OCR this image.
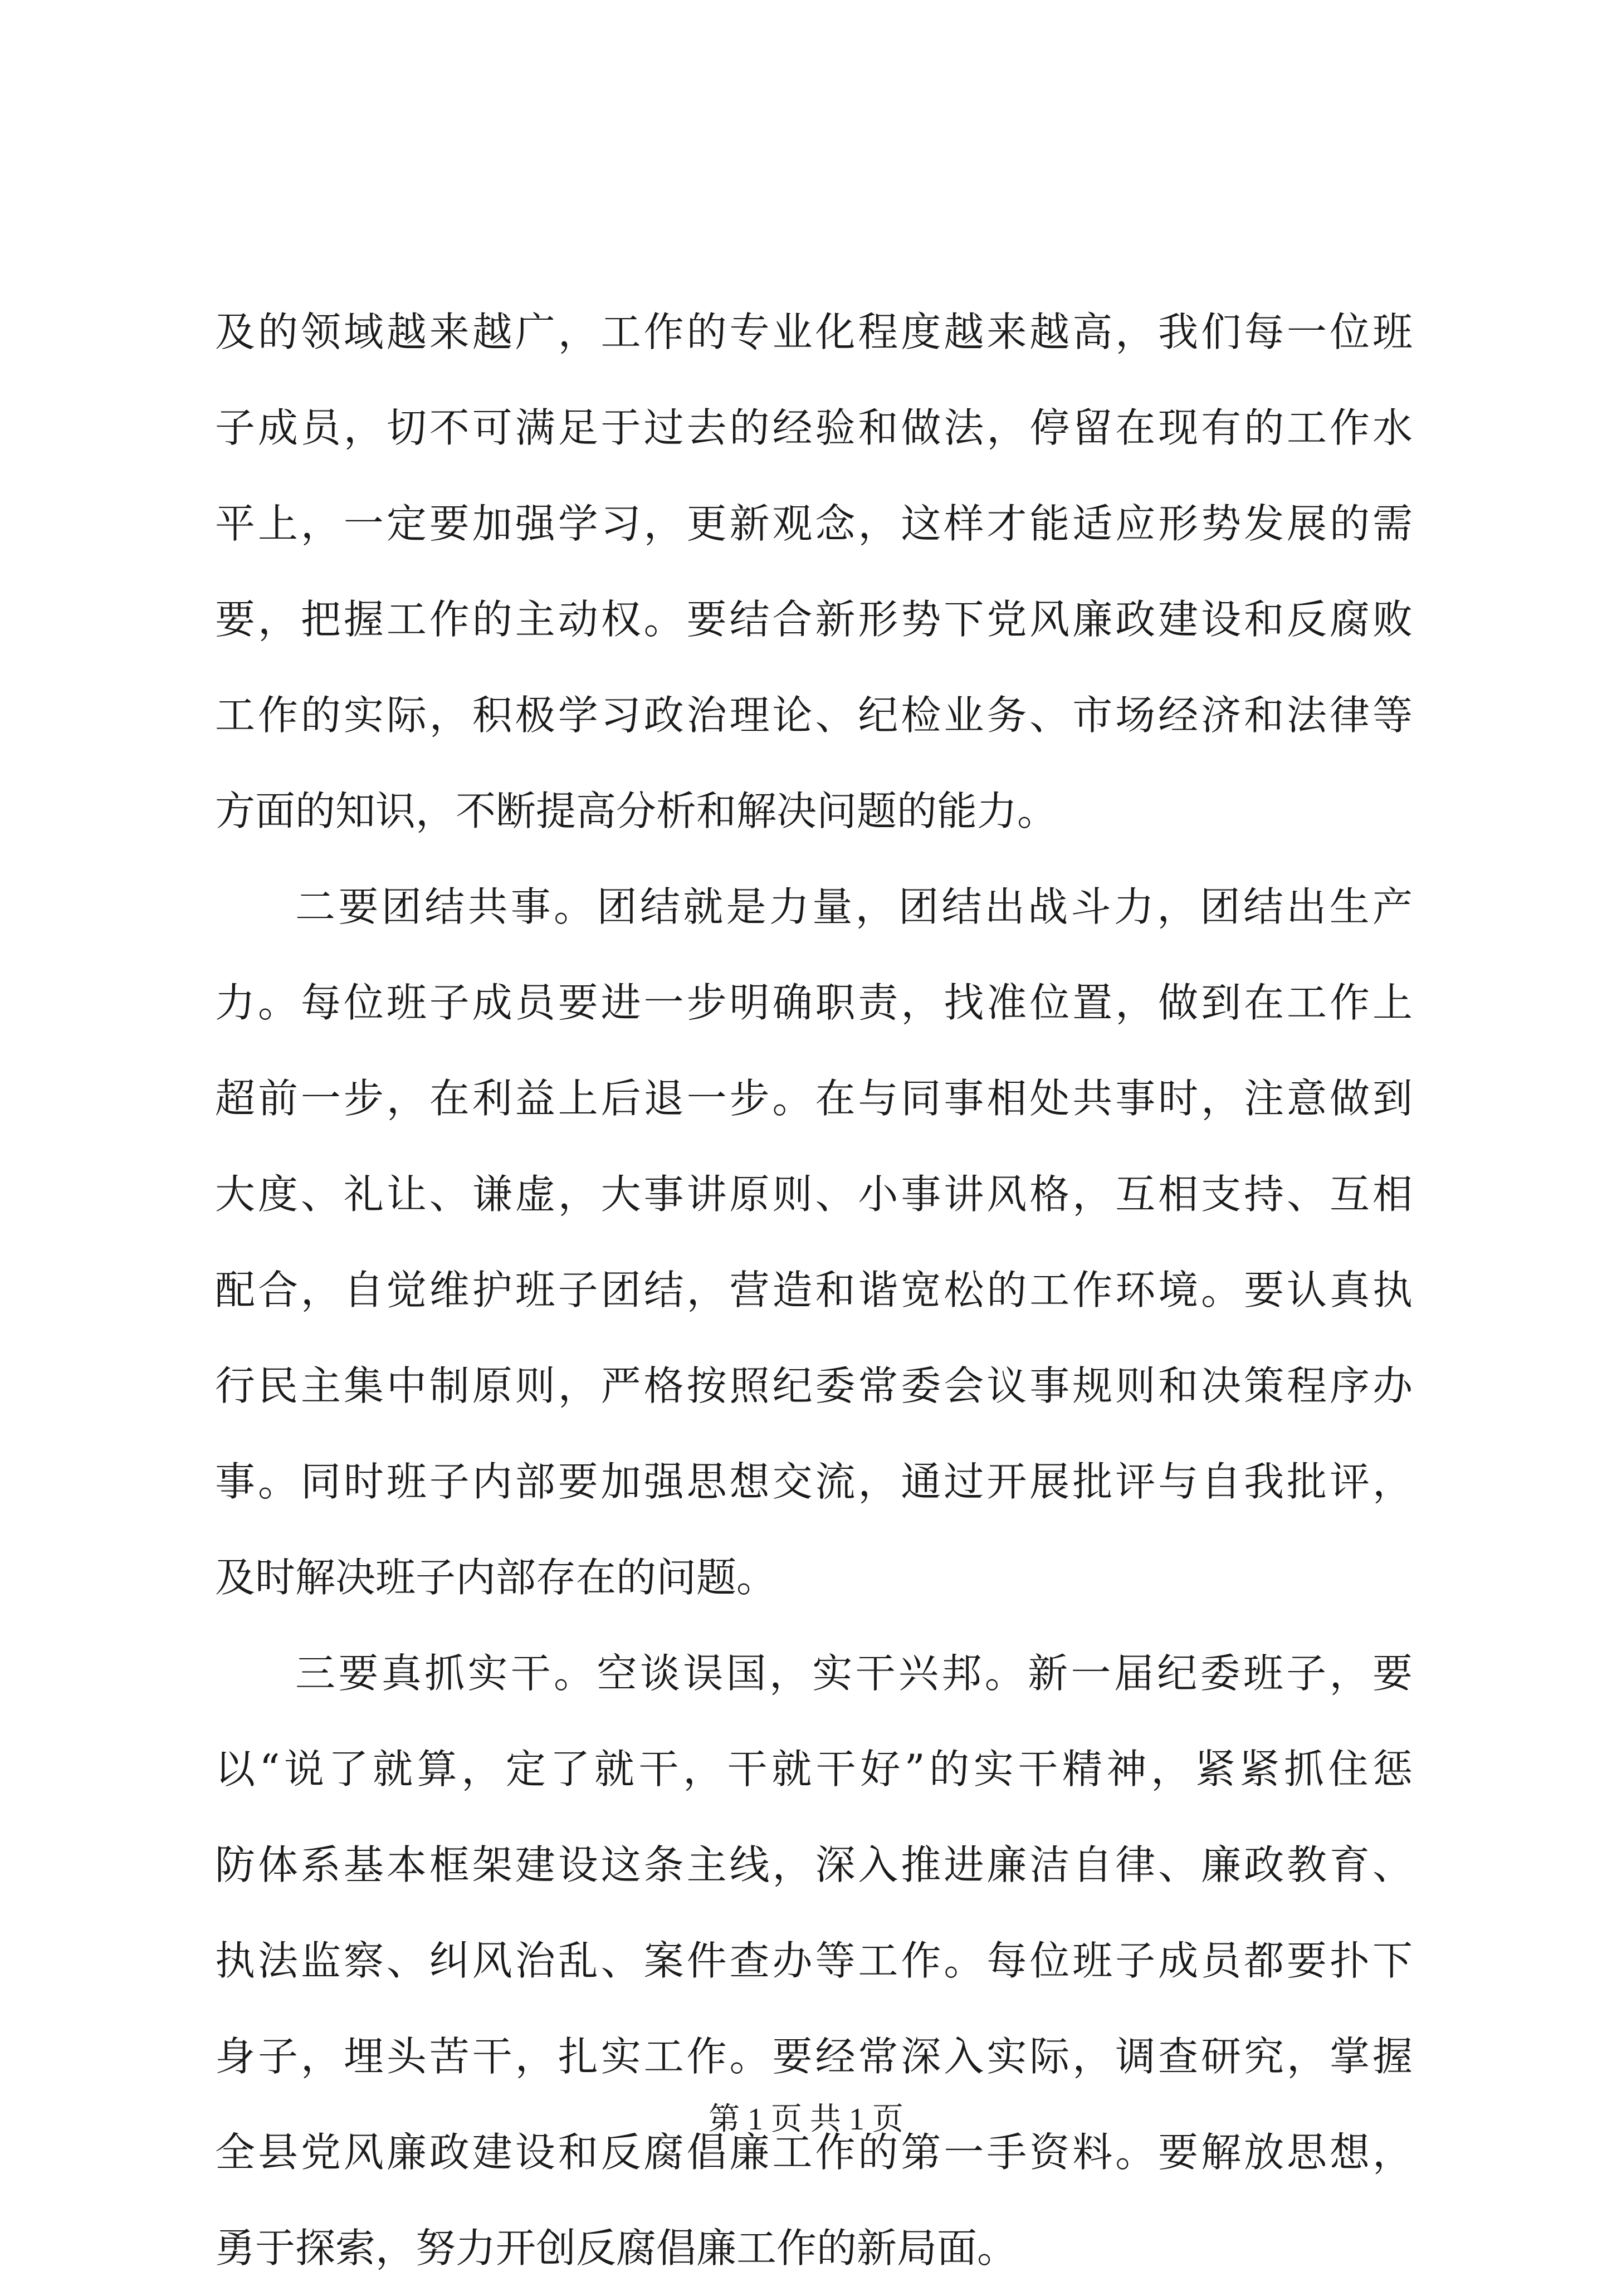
及的领域越来越广，工作的专业化程度越来越高，我们每一位班
子成员，切不可满足于过去的经验和做法，停留在现有的工作水
平上，一定要加强学习，更新观念，这样才能适应形势发展的需
要，把握工作的主动权。要结合新形势下党风廉政建设和反腐败
工作的实际，积极学习政治理论、纪检业务、市场经济和法律等
方面的知识，不断提高分析和解决问题的能力。
二要团结共事。团结就是力量，团结出战斗力，团结出生产
力。每位班子成员要进一步明确职责，找准位置，做到在工作上
超前一步，在利益上后退一步。在与同事相处共事时，注意做到
大度、礼让、谦虚，大事讲原则、小事讲风格，互相支持、互相
配合，自觉维护班子团结，营造和谐宽松的工作环境。要认真执
行民主集中制原则，严格按照纪委常委会议事规则和决策程序办
事。同时班子内部要加强思想交流，通过开展批评与自我批评，
及时解决班子内部存在的问题。
三要真抓实干。空谈误国，实干兴邦。新一届纪委班子，要
以“说了就算，定了就干，干就干好”的实干精神，紧紧抓住惩
防体系基本框架建设这条主线，深入推进廉洁自律、廉政教育、
执法监察、纠风治乱、案件查办等工作。每位班子成员都要扑下
身子，埋头苦干，扎实工作。要经常深入实际，调查研究，掌握
全县党风廉政建设和反腐倡廉工作的第一手资料。要解放思想，
勇于探索，努力开创反腐倡廉工作的新局面。
第 1 页 共 1 页
